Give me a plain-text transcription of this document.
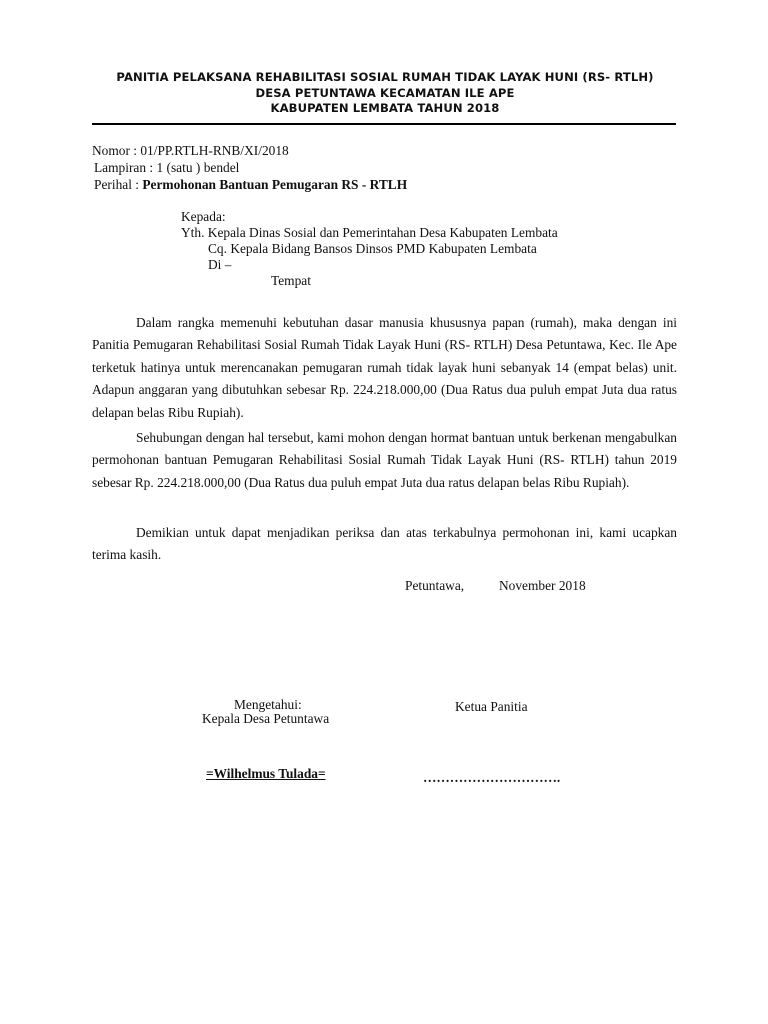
PANITIA PELAKSANA REHABILITASI SOSIAL RUMAH TIDAK LAYAK HUNI (RS- RTLH)
DESA PETUNTAWA KECAMATAN ILE APE
KABUPATEN LEMBATA TAHUN 2018
Nomor : 01/PP.RTLH-RNB/XI/2018
Lampiran : 1 (satu ) bendel
Perihal : Permohonan Bantuan Pemugaran RS - RTLH
Kepada:
Yth. Kepala Dinas Sosial dan Pemerintahan Desa Kabupaten Lembata
Cq. Kepala Bidang Bansos Dinsos PMD Kabupaten Lembata
Di –
Tempat
Dalam rangka memenuhi kebutuhan dasar manusia khususnya papan (rumah), maka dengan ini Panitia Pemugaran Rehabilitasi Sosial Rumah Tidak Layak Huni (RS- RTLH) Desa Petuntawa, Kec. Ile Ape terketuk hatinya untuk merencanakan pemugaran rumah tidak layak huni sebanyak 14 (empat belas) unit. Adapun anggaran yang dibutuhkan sebesar Rp. 224.218.000,00 (Dua Ratus dua puluh empat Juta dua ratus delapan belas Ribu Rupiah).
Sehubungan dengan hal tersebut, kami mohon dengan hormat bantuan untuk berkenan mengabulkan permohonan bantuan Pemugaran Rehabilitasi Sosial Rumah Tidak Layak Huni (RS- RTLH) tahun 2019 sebesar Rp. 224.218.000,00 (Dua Ratus dua puluh empat Juta dua ratus delapan belas Ribu Rupiah).
Demikian untuk dapat menjadikan periksa dan atas terkabulnya permohonan ini, kami ucapkan terima kasih.
Petuntawa,	November 2018
Mengetahui:
Kepala Desa Petuntawa
Ketua Panitia
=Wilhelmus Tulada=	………………………….
